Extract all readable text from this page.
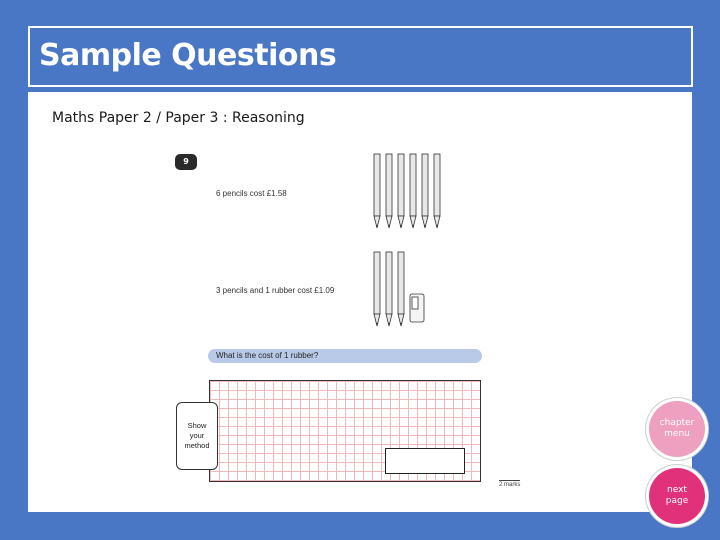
Sample Questions
Maths Paper 2 / Paper 3 : Reasoning
9
6 pencils cost £1.58
3 pencils and 1 rubber cost £1.09
What is the cost of 1 rubber?
Show your method
2 marks
chapter menu
next page
